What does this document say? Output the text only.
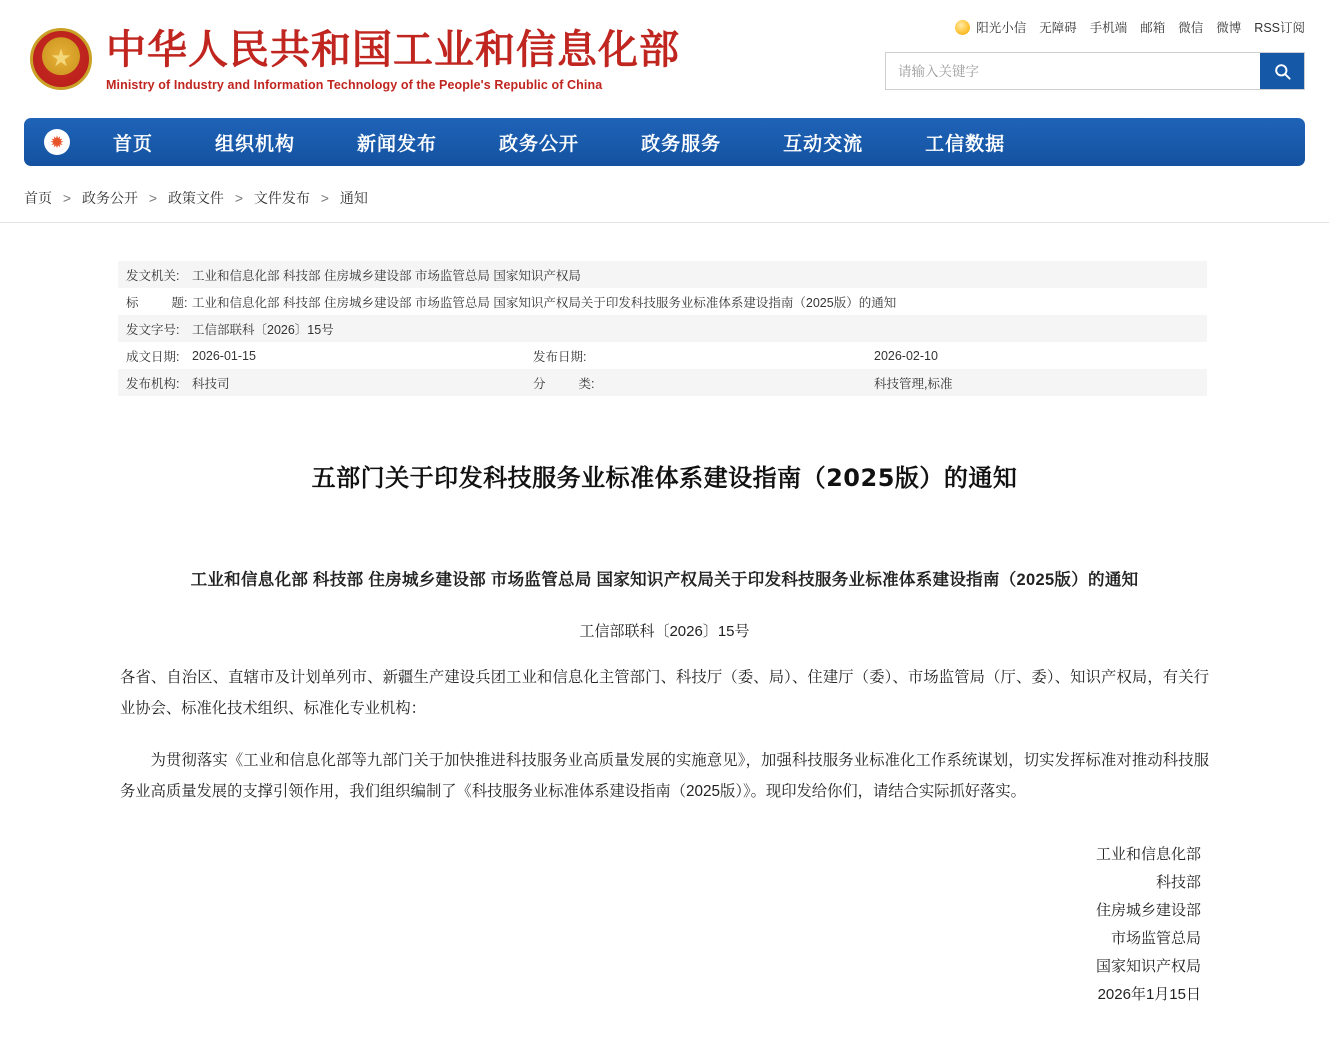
★ 中华人民共和国工业和信息化部
Ministry of Industry and Information Technology of the People's Republic of China
阳光小信 无障碍 手机端 邮箱 微信 微博 RSS订阅
请输入关键字
✹	首页	组织机构	新闻发布	政务公开	政务服务	互动交流	工信数据
首页 > 政务公开 > 政策文件 > 文件发布 > 通知
发文机关:	工业和信息化部 科技部 住房城乡建设部 市场监管总局 国家知识产权局		
标题:	工业和信息化部 科技部 住房城乡建设部 市场监管总局 国家知识产权局关于印发科技服务业标准体系建设指南（2025版）的通知		
发文字号:	工信部联科〔2026〕15号		
成文日期:	2026-01-15	发布日期:	2026-02-10
发布机构:	科技司	分类:	科技管理,标准
五部门关于印发科技服务业标准体系建设指南（2025版）的通知
工业和信息化部 科技部 住房城乡建设部 市场监管总局 国家知识产权局关于印发科技服务业标准体系建设指南（2025版）的通知
工信部联科〔2026〕15号

各省、自治区、直辖市及计划单列市、新疆生产建设兵团工业和信息化主管部门、科技厅（委、局）、住建厅（委）、市场监管局（厅、委）、知识产权局，有关行业协会、标准化技术组织、标准化专业机构：

为贯彻落实《工业和信息化部等九部门关于加快推进科技服务业高质量发展的实施意见》，加强科技服务业标准化工作系统谋划，切实发挥标准对推动科技服务业高质量发展的支撑引领作用，我们组织编制了《科技服务业标准体系建设指南（2025版）》。现印发给你们，请结合实际抓好落实。

工业和信息化部
科技部
住房城乡建设部
市场监管总局
国家知识产权局
2026年1月15日
